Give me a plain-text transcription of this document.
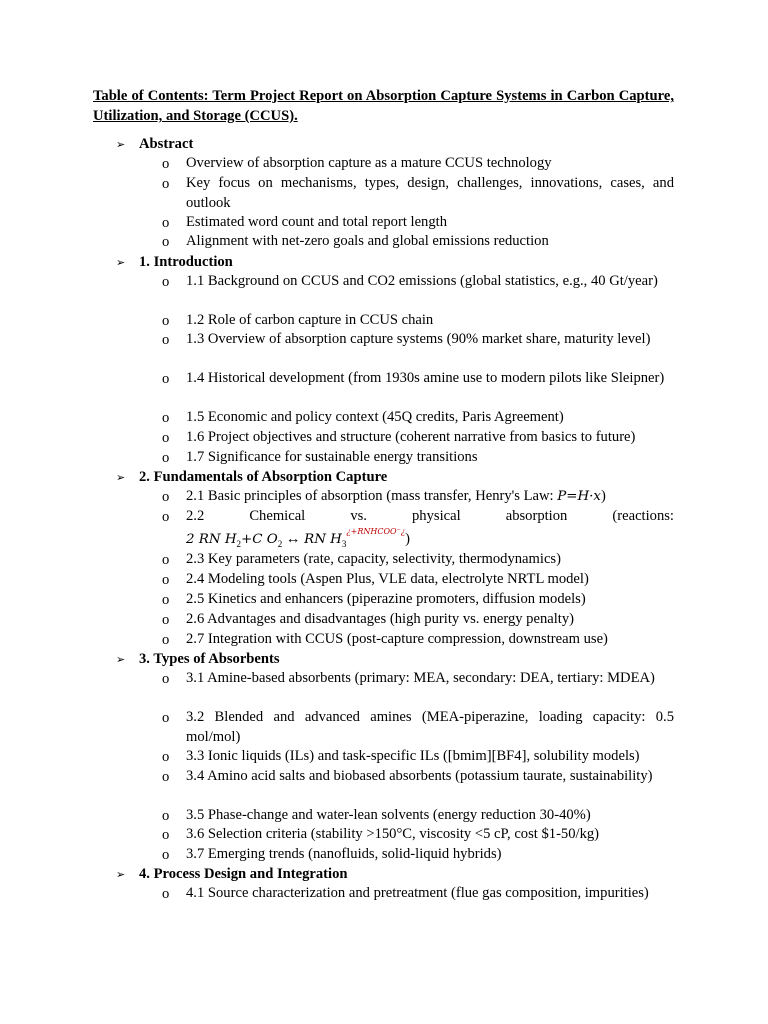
Table of Contents: Term Project Report on Absorption Capture Systems in Carbon Capture, Utilization, and Storage (CCUS).

➢ Abstract
o Overview of absorption capture as a mature CCUS technology
o Key focus on mechanisms, types, design, challenges, innovations, cases, and outlook
o Estimated word count and total report length
o Alignment with net-zero goals and global emissions reduction
➢ 1. Introduction
o 1.1 Background on CCUS and CO2 emissions (global statistics, e.g., 40 Gt/year)
o 1.2 Role of carbon capture in CCUS chain
o 1.3 Overview of absorption capture systems (90% market share, maturity level)
o 1.4 Historical development (from 1930s amine use to modern pilots like Sleipner)
o 1.5 Economic and policy context (45Q credits, Paris Agreement)
o 1.6 Project objectives and structure (coherent narrative from basics to future)
o 1.7 Significance for sustainable energy transitions
➢ 2. Fundamentals of Absorption Capture
o 2.1 Basic principles of absorption (mass transfer, Henry's Law: P=H·x)
o 2.2 Chemical vs. physical absorption (reactions:
2 RN $H_2+C$ $O_2$ ↔ RN $H_3^{¿+RNHCOO^-¿}$)
o 2.3 Key parameters (rate, capacity, selectivity, thermodynamics)
o 2.4 Modeling tools (Aspen Plus, VLE data, electrolyte NRTL model)
o 2.5 Kinetics and enhancers (piperazine promoters, diffusion models)
o 2.6 Advantages and disadvantages (high purity vs. energy penalty)
o 2.7 Integration with CCUS (post-capture compression, downstream use)
➢ 3. Types of Absorbents
o 3.1 Amine-based absorbents (primary: MEA, secondary: DEA, tertiary: MDEA)
o 3.2 Blended and advanced amines (MEA-piperazine, loading capacity: 0.5 mol/mol)
o 3.3 Ionic liquids (ILs) and task-specific ILs ([bmim][BF4], solubility models)
o 3.4 Amino acid salts and biobased absorbents (potassium taurate, sustainability)
o 3.5 Phase-change and water-lean solvents (energy reduction 30-40%)
o 3.6 Selection criteria (stability >150°C, viscosity <5 cP, cost $1-50/kg)
o 3.7 Emerging trends (nanofluids, solid-liquid hybrids)
➢ 4. Process Design and Integration
o 4.1 Source characterization and pretreatment (flue gas composition, impurities)
